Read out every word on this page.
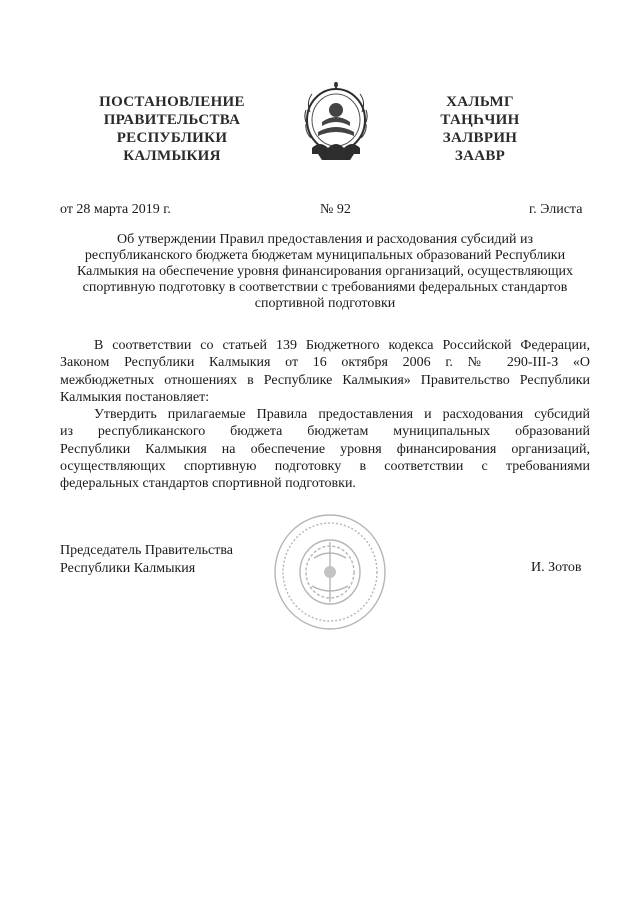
ПОСТАНОВЛЕНИЕ
ПРАВИТЕЛЬСТВА
РЕСПУБЛИКИ
КАЛМЫКИЯ
ХАЛЬМГ
ТАҢҺЧИН
ЗАЛВРИН
ЗААВР
от 28 марта 2019 г.	№ 92	г. Элиста
Об утверждении Правил предоставления и расходования субсидий из
республиканского бюджета бюджетам муниципальных образований Республики
Калмыкия на обеспечение уровня финансирования организаций, осуществляющих
спортивную подготовку в соответствии с требованиями федеральных стандартов
спортивной подготовки
В соответствии со статьей 139 Бюджетного кодекса Российской Федерации,
Законом Республики Калмыкия от 16 октября 2006 г. № 290-III-З «О
межбюджетных отношениях в Республике Калмыкия» Правительство Республики
Калмыкия постановляет:
Утвердить прилагаемые Правила предоставления и расходования субсидий
из республиканского бюджета бюджетам муниципальных образований
Республики Калмыкия на обеспечение уровня финансирования организаций,
осуществляющих спортивную подготовку в соответствии с требованиями
федеральных стандартов спортивной подготовки.
Председатель Правительства
Республики Калмыкия	И. Зотов
